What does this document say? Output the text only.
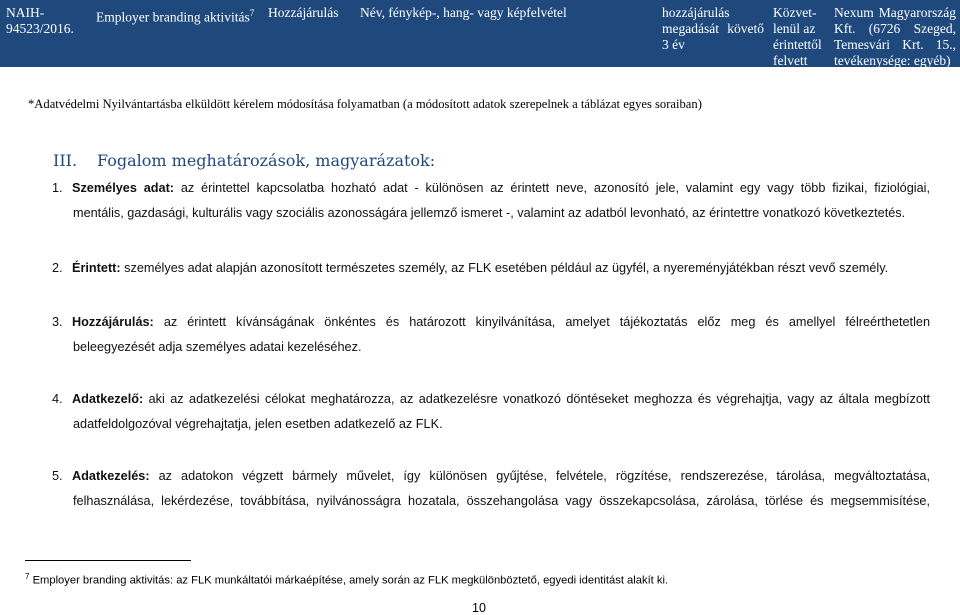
NAIH-94523/2016.
Employer branding aktivitás$^7$	Hozzájárulás Név, fénykép-, hang- vagy képfelvétel	hozzájárulás megadását követő 3 év
Közvet-lenül az érintettől felvett
Nexum Magyarország Kft. (6726 Szeged, Temesvári Krt. 15., tevékenysége: egyéb)
*Adatvédelmi Nyilvántartásba elküldött kérelem módosítása folyamatban (a módosított adatok szerepelnek a táblázat egyes soraiban)
III. Fogalom meghatározások, magyarázatok:
1. Személyes adat: az érintettel kapcsolatba hozható adat - különösen az érintett neve, azonosító jele, valamint egy vagy több fizikai, fiziológiai,
mentális, gazdasági, kulturális vagy szociális azonosságára jellemző ismeret -, valamint az adatból levonható, az érintettre vonatkozó következtetés.
2. Érintett: személyes adat alapján azonosított természetes személy, az FLK esetében például az ügyfél, a nyereményjátékban részt vevő személy.
3. Hozzájárulás: az érintett kívánságának önkéntes és határozott kinyilvánítása, amelyet tájékoztatás előz meg és amellyel félreérthetetlen
beleegyezését adja személyes adatai kezeléséhez.
4. Adatkezelő: aki az adatkezelési célokat meghatározza, az adatkezelésre vonatkozó döntéseket meghozza és végrehajtja, vagy az általa megbízott
adatfeldolgozóval végrehajtatja, jelen esetben adatkezelő az FLK.
5. Adatkezelés: az adatokon végzett bármely művelet, így különösen gyűjtése, felvétele, rögzítése, rendszerezése, tárolása, megváltoztatása,
felhasználása, lekérdezése, továbbítása, nyilvánosságra hozatala, összehangolása vagy összekapcsolása, zárolása, törlése és megsemmisítése,
$^7$ Employer branding aktivitás: az FLK munkáltatói márkaépítése, amely során az FLK megkülönböztető, egyedi identitást alakít ki.
10
